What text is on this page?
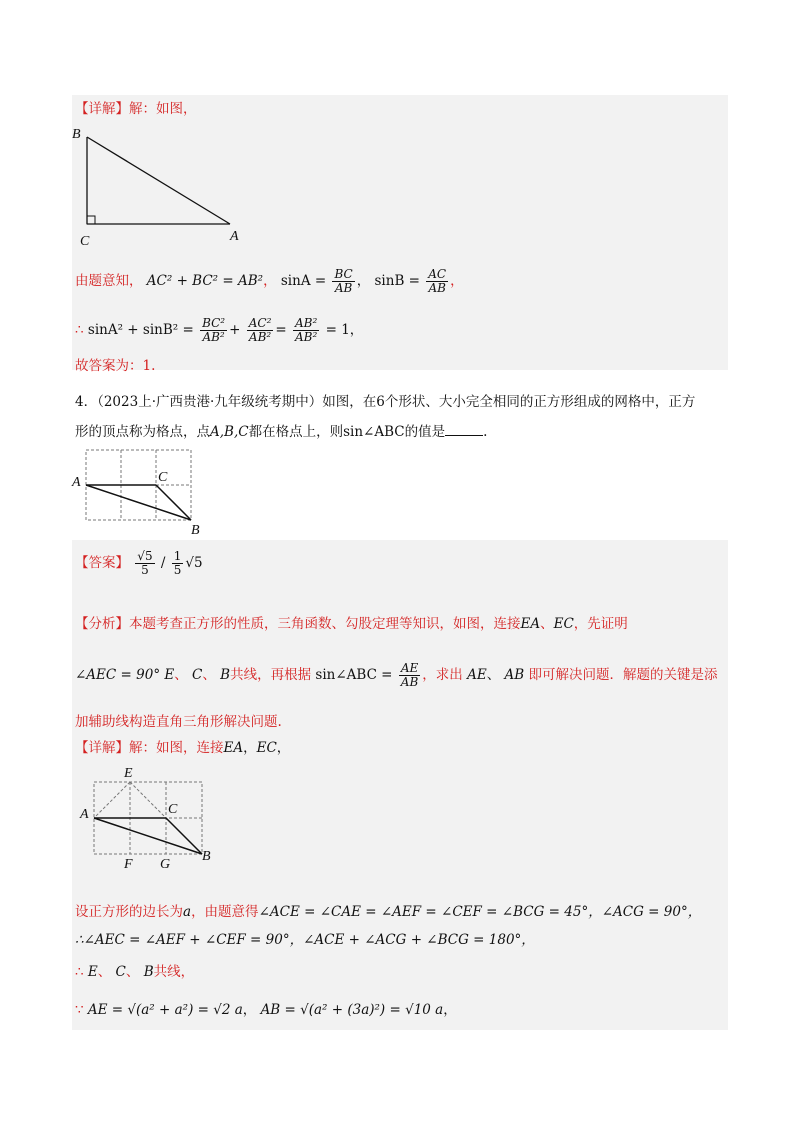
【详解】解：如图，
B
C	A
由题意知， AC² + BC² = AB²， $\sin A = \frac{BC}{AB}$ ， $\sin B = \frac{AC}{AB}$ ，
∴ $\sin A^2 + \sin B^2 = \frac{\text{BC²}}{\text{AB²}} + \frac{\text{AC²}}{\text{AB²}} = \frac{\text{AB²}}{\text{AB²}} = 1$，
故答案为：1.
4．（2023上·广西贵港·九年级统考期中）如图，在6个形状、大小完全相同的正方形组成的网格中，正方
形的顶点称为格点，点A,B,C都在格点上，则sin∠ABC的值是	.
A	C
B
【答案】 $\frac{√5}{5} / \frac{1}{5} √5$
【分析】本题考查正方形的性质，三角函数、勾股定理等知识，如图，连接EA、EC，先证明
∠AEC = 90° E、 C、 B共线，再根据 sin∠ABC = $\frac{AE}{AB}$ ，求出 AE、 AB 即可解决问题．解题的关键是添
加辅助线构造直角三角形解决问题.
【详解】解：如图，连接EA，EC，
E
A	C
F G
B
设正方形的边长为a，由题意得∠ACE = ∠CAE = ∠AEF = ∠CEF = ∠BCG = 45°，∠ACG = 90°，
∴∠AEC = ∠AEF + ∠CEF = 90°，∠ACE + ∠ACG + ∠BCG = 180°，
∴ E、 C、 B共线，
∵ AE = √(a² + a²) = √2 a， AB = √(a² + (3a)²) = √10 a，
